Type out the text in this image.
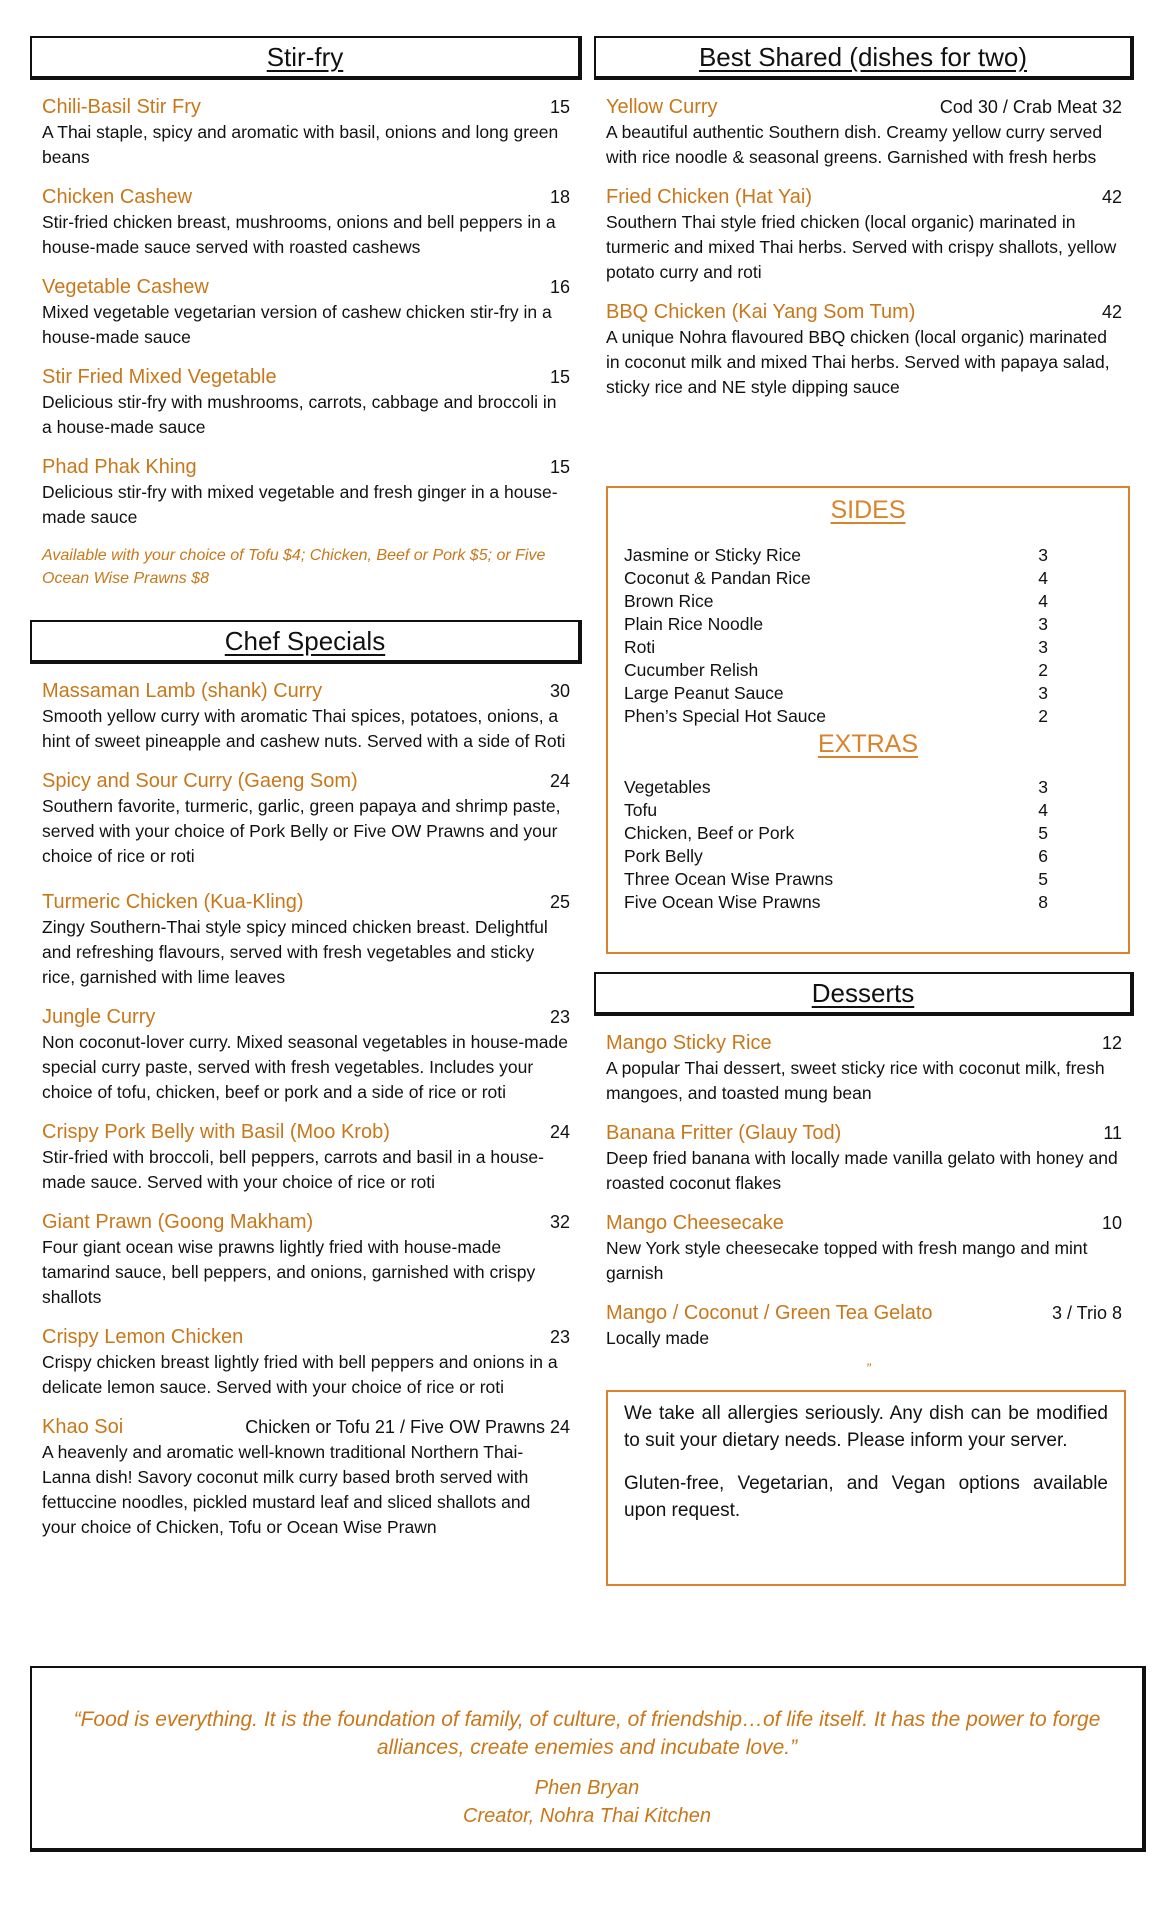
Stir-fry
Chili-Basil Stir Fry	15
A Thai staple, spicy and aromatic with basil, onions and long green beans
Chicken Cashew	18
Stir-fried chicken breast, mushrooms, onions and bell peppers in a house-made sauce served with roasted cashews
Vegetable Cashew	16
Mixed vegetable vegetarian version of cashew chicken stir-fry in a house-made sauce
Stir Fried Mixed Vegetable	15
Delicious stir-fry with mushrooms, carrots, cabbage and broccoli in a house-made sauce
Phad Phak Khing	15
Delicious stir-fry with mixed vegetable and fresh ginger in a house-made sauce
Available with your choice of Tofu $4; Chicken, Beef or Pork $5; or Five Ocean Wise Prawns $8
Chef Specials
Massaman Lamb (shank) Curry	30
Smooth yellow curry with aromatic Thai spices, potatoes, onions, a hint of sweet pineapple and cashew nuts. Served with a side of Roti
Spicy and Sour Curry (Gaeng Som)	24
Southern favorite, turmeric, garlic, green papaya and shrimp paste, served with your choice of Pork Belly or Five OW Prawns and your choice of rice or roti
Turmeric Chicken (Kua-Kling)	25
Zingy Southern-Thai style spicy minced chicken breast. Delightful and refreshing flavours, served with fresh vegetables and sticky rice, garnished with lime leaves
Jungle Curry	23
Non coconut-lover curry. Mixed seasonal vegetables in house-made special curry paste, served with fresh vegetables. Includes your choice of tofu, chicken, beef or pork and a side of rice or roti
Crispy Pork Belly with Basil (Moo Krob)	24
Stir-fried with broccoli, bell peppers, carrots and basil in a house-made sauce. Served with your choice of rice or roti
Giant Prawn (Goong Makham)	32
Four giant ocean wise prawns lightly fried with house-made tamarind sauce, bell peppers, and onions, garnished with crispy shallots
Crispy Lemon Chicken	23
Crispy chicken breast lightly fried with bell peppers and onions in a delicate lemon sauce. Served with your choice of rice or roti
Khao Soi	Chicken or Tofu 21 / Five OW Prawns 24
A heavenly and aromatic well-known traditional Northern Thai-Lanna dish! Savory coconut milk curry based broth served with fettuccine noodles, pickled mustard leaf and sliced shallots and your choice of Chicken, Tofu or Ocean Wise Prawn
Best Shared (dishes for two)
Yellow Curry	Cod 30 / Crab Meat 32
A beautiful authentic Southern dish. Creamy yellow curry served with rice noodle & seasonal greens. Garnished with fresh herbs
Fried Chicken (Hat Yai)	42
Southern Thai style fried chicken (local organic) marinated in turmeric and mixed Thai herbs. Served with crispy shallots, yellow potato curry and roti
BBQ Chicken (Kai Yang Som Tum)	42
A unique Nohra flavoured BBQ chicken (local organic) marinated in coconut milk and mixed Thai herbs. Served with papaya salad, sticky rice and NE style dipping sauce
SIDES
Jasmine or Sticky Rice	3
Coconut & Pandan Rice	4
Brown Rice	4
Plain Rice Noodle	3
Roti	3
Cucumber Relish	2
Large Peanut Sauce	3
Phen’s Special Hot Sauce	2
EXTRAS
Vegetables	3
Tofu	4
Chicken, Beef or Pork	5
Pork Belly	6
Three Ocean Wise Prawns	5
Five Ocean Wise Prawns	8
Desserts
Mango Sticky Rice	12
A popular Thai dessert, sweet sticky rice with coconut milk, fresh mangoes, and toasted mung bean
Banana Fritter (Glauy Tod)	11
Deep fried banana with locally made vanilla gelato with honey and roasted coconut flakes
Mango Cheesecake	10
New York style cheesecake topped with fresh mango and mint garnish
Mango / Coconut / Green Tea Gelato	3 / Trio 8
Locally made
”

We take all allergies seriously. Any dish can be modified to suit your dietary needs. Please inform your server.

Gluten-free, Vegetarian, and Vegan options available upon request.

“Food is everything. It is the foundation of family, of culture, of friendship…of life itself. It has the power to forge alliances, create enemies and incubate love.”
Phen Bryan
Creator, Nohra Thai Kitchen
